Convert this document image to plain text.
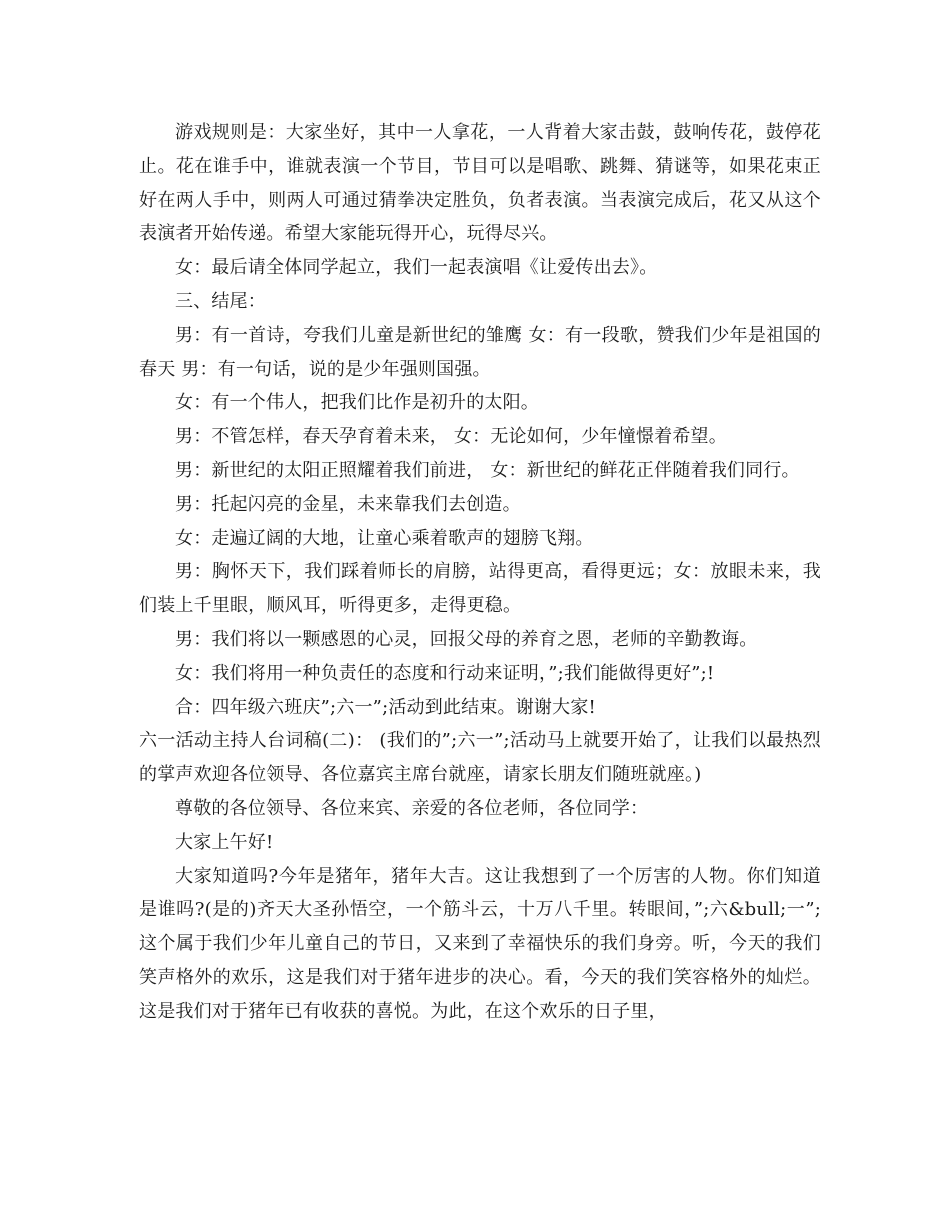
游戏规则是：大家坐好，其中一人拿花，一人背着大家击鼓，鼓响传花，鼓停花止。花在谁手中，谁就表演一个节目，节目可以是唱歌、跳舞、猜谜等，如果花束正好在两人手中，则两人可通过猜拳决定胜负，负者表演。当表演完成后，花又从这个表演者开始传递。希望大家能玩得开心，玩得尽兴。

女：最后请全体同学起立，我们一起表演唱《让爱传出去》。

三、结尾：

男：有一首诗，夸我们儿童是新世纪的雏鹰 女：有一段歌，赞我们少年是祖国的春天 男：有一句话，说的是少年强则国强。

女：有一个伟人，把我们比作是初升的太阳。

男：不管怎样，春天孕育着未来， 女：无论如何，少年憧憬着希望。

男：新世纪的太阳正照耀着我们前进， 女：新世纪的鲜花正伴随着我们同行。

男：托起闪亮的金星，未来靠我们去创造。

女：走遍辽阔的大地，让童心乘着歌声的翅膀飞翔。

男：胸怀天下，我们踩着师长的肩膀，站得更高，看得更远；女：放眼未来，我们装上千里眼，顺风耳，听得更多，走得更稳。

男：我们将以一颗感恩的心灵，回报父母的养育之恩，老师的辛勤教诲。

女：我们将用一种负责任的态度和行动来证明，”;我们能做得更好”;!

合：四年级六班庆”;六一”;活动到此结束。谢谢大家!

六一活动主持人台词稿(二)： (我们的”;六一”;活动马上就要开始了，让我们以最热烈的掌声欢迎各位领导、各位嘉宾主席台就座，请家长朋友们随班就座。)

尊敬的各位领导、各位来宾、亲爱的各位老师，各位同学：

大家上午好!

大家知道吗?今年是猪年，猪年大吉。这让我想到了一个厉害的人物。你们知道是谁吗?(是的)齐天大圣孙悟空，一个筋斗云，十万八千里。转眼间，”;六&bull;一”;这个属于我们少年儿童自己的节日，又来到了幸福快乐的我们身旁。听，今天的我们笑声格外的欢乐，这是我们对于猪年进步的决心。看，今天的我们笑容格外的灿烂。这是我们对于猪年已有收获的喜悦。为此，在这个欢乐的日子里，
